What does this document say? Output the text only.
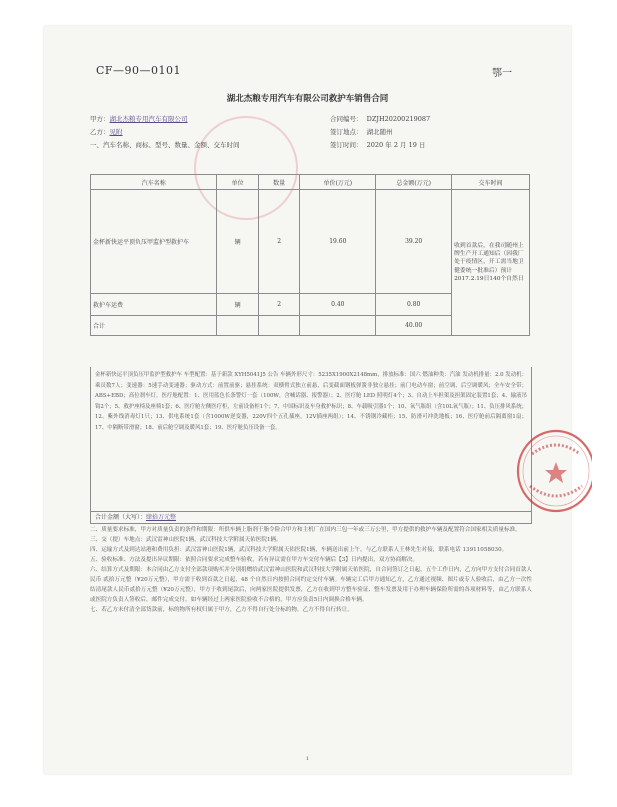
CF—90—0101	鄂一
湖北杰粮专用汽车有限公司救护车销售合同
甲方：湖北杰粮专用汽车有限公司
乙方：见附
一、汽车名称、商标、型号、数量、金额、交车时间
合同编号： DZJH20200219087
签订地点： 湖北随州
签订时间： 2020 年 2 月 19 日
汽车名称	单位	数量	单价(万元)	总金额(万元)	交车时间
金杯新快运平顶负压甲监护型救护车	辆	2	19.60	39.20	收到首款后，在我司随州上牌生产开工通知后（因我厂处于疫情区，开工需当地卫健委统一批准后）预计2017.2.19日140个自然日
救护车运费	辆	2	0.40	0.80	
合计				40.00	
金杯新快运平顶负压甲监护型救护车 车型配置：基于新款 XYH5041J5 公告 车辆外形尺寸：5235X1900X2148mm，排放标准：国六 燃油种类：汽油 发动机排量：2.0 发动机：乘员数7人；变速器：5速手动变速器；驱动方式：前置前驱；悬挂系统：双横臂式独立前悬，后变截面钢板弹簧非独立悬挂；前门电动车窗；前空调、后空调暖风；全车安全带；ABS+EBD；高位刹车灯。医疗舱配置：1、医用蓝色长条警灯一套（100W，含喊话器、报警器）；2、医疗舱 LED 照明灯4个；3、自动上车担架及担架固定装置1套；4、输液吊钩2个；5、救护座椅及座椅1套；6、医疗舱左侧医疗柜，左前设备柜1个；7、中国标识及车身救护标识；8、车载吸引器1个；10、氧气瓶组（含10L氧气瓶）；11、负压排风系统；12、紫外线消毒灯1只；13、供电系统1套（含1000W逆变器，220V四个五孔插座，12V插座两组）；14、不锈钢冷藏柜；15、防滑可冲洗地板；16、医疗舱前后隔离窗1扇；17、中隔断带滑窗；18、前后舱空调及暖风1套；19、医疗舱负压设备一套。
合计金额（大写）：肆拾万元整

二、质量要求标准，甲方对质量负责的条件和期限：所供车辆上脂剂于脂令险合甲方和主机厂在国内三包一年或三万公里，甲方提供的救护车辆及配置符合国家相关质量标准。

三、交（提）车地点：武汉雷神山医院1辆，武汉科技大学附属天佑医院1辆。

四、运输方式及到达站港和费用负担：武汉雷神山医院1辆，武汉科技大学附属天佑医院1辆，车辆送出前上午，与乙方联系人王林先生对接，联系电话 13911058030。

五、验收标准、方法及提出异议期限：依照合同要求完成整车验收，若有异议需在甲方车交付车辆后【3】日内提出，双方协商解决。

六、结算方式及期限：本合同由乙方支付全部款项购买并分别捐赠给武汉雷神山医院和武汉科技大学附属天佑医院，自合同签订之日起，五个工作日内，乙方向甲方支付合同首款人民币 贰拾万元整（¥20万元整），甲方需于收到首款之日起，48 个自然日内按照合同约定交付车辆。车辆完工后甲方通知乙方，乙方通过视频、图片或专人验收后，由乙方一次性结清尾款人民币贰拾万元整（¥20万元整），甲方于收到尾款后，向两家医院提供发票，乙方在收到甲方整车验证、整车发票及用于办理车辆保险所需的各项材料等，由乙方联系人或医院方负责人签收后，邮件完成交付。如车辆经过上两家医院验收不合格的，甲方应负责5日内调换合格车辆。

七、若乙方未付清全部货款前，标的物所有权归属于甲方，乙方不得自行处分标的物，乙方不得自行转让。

1
